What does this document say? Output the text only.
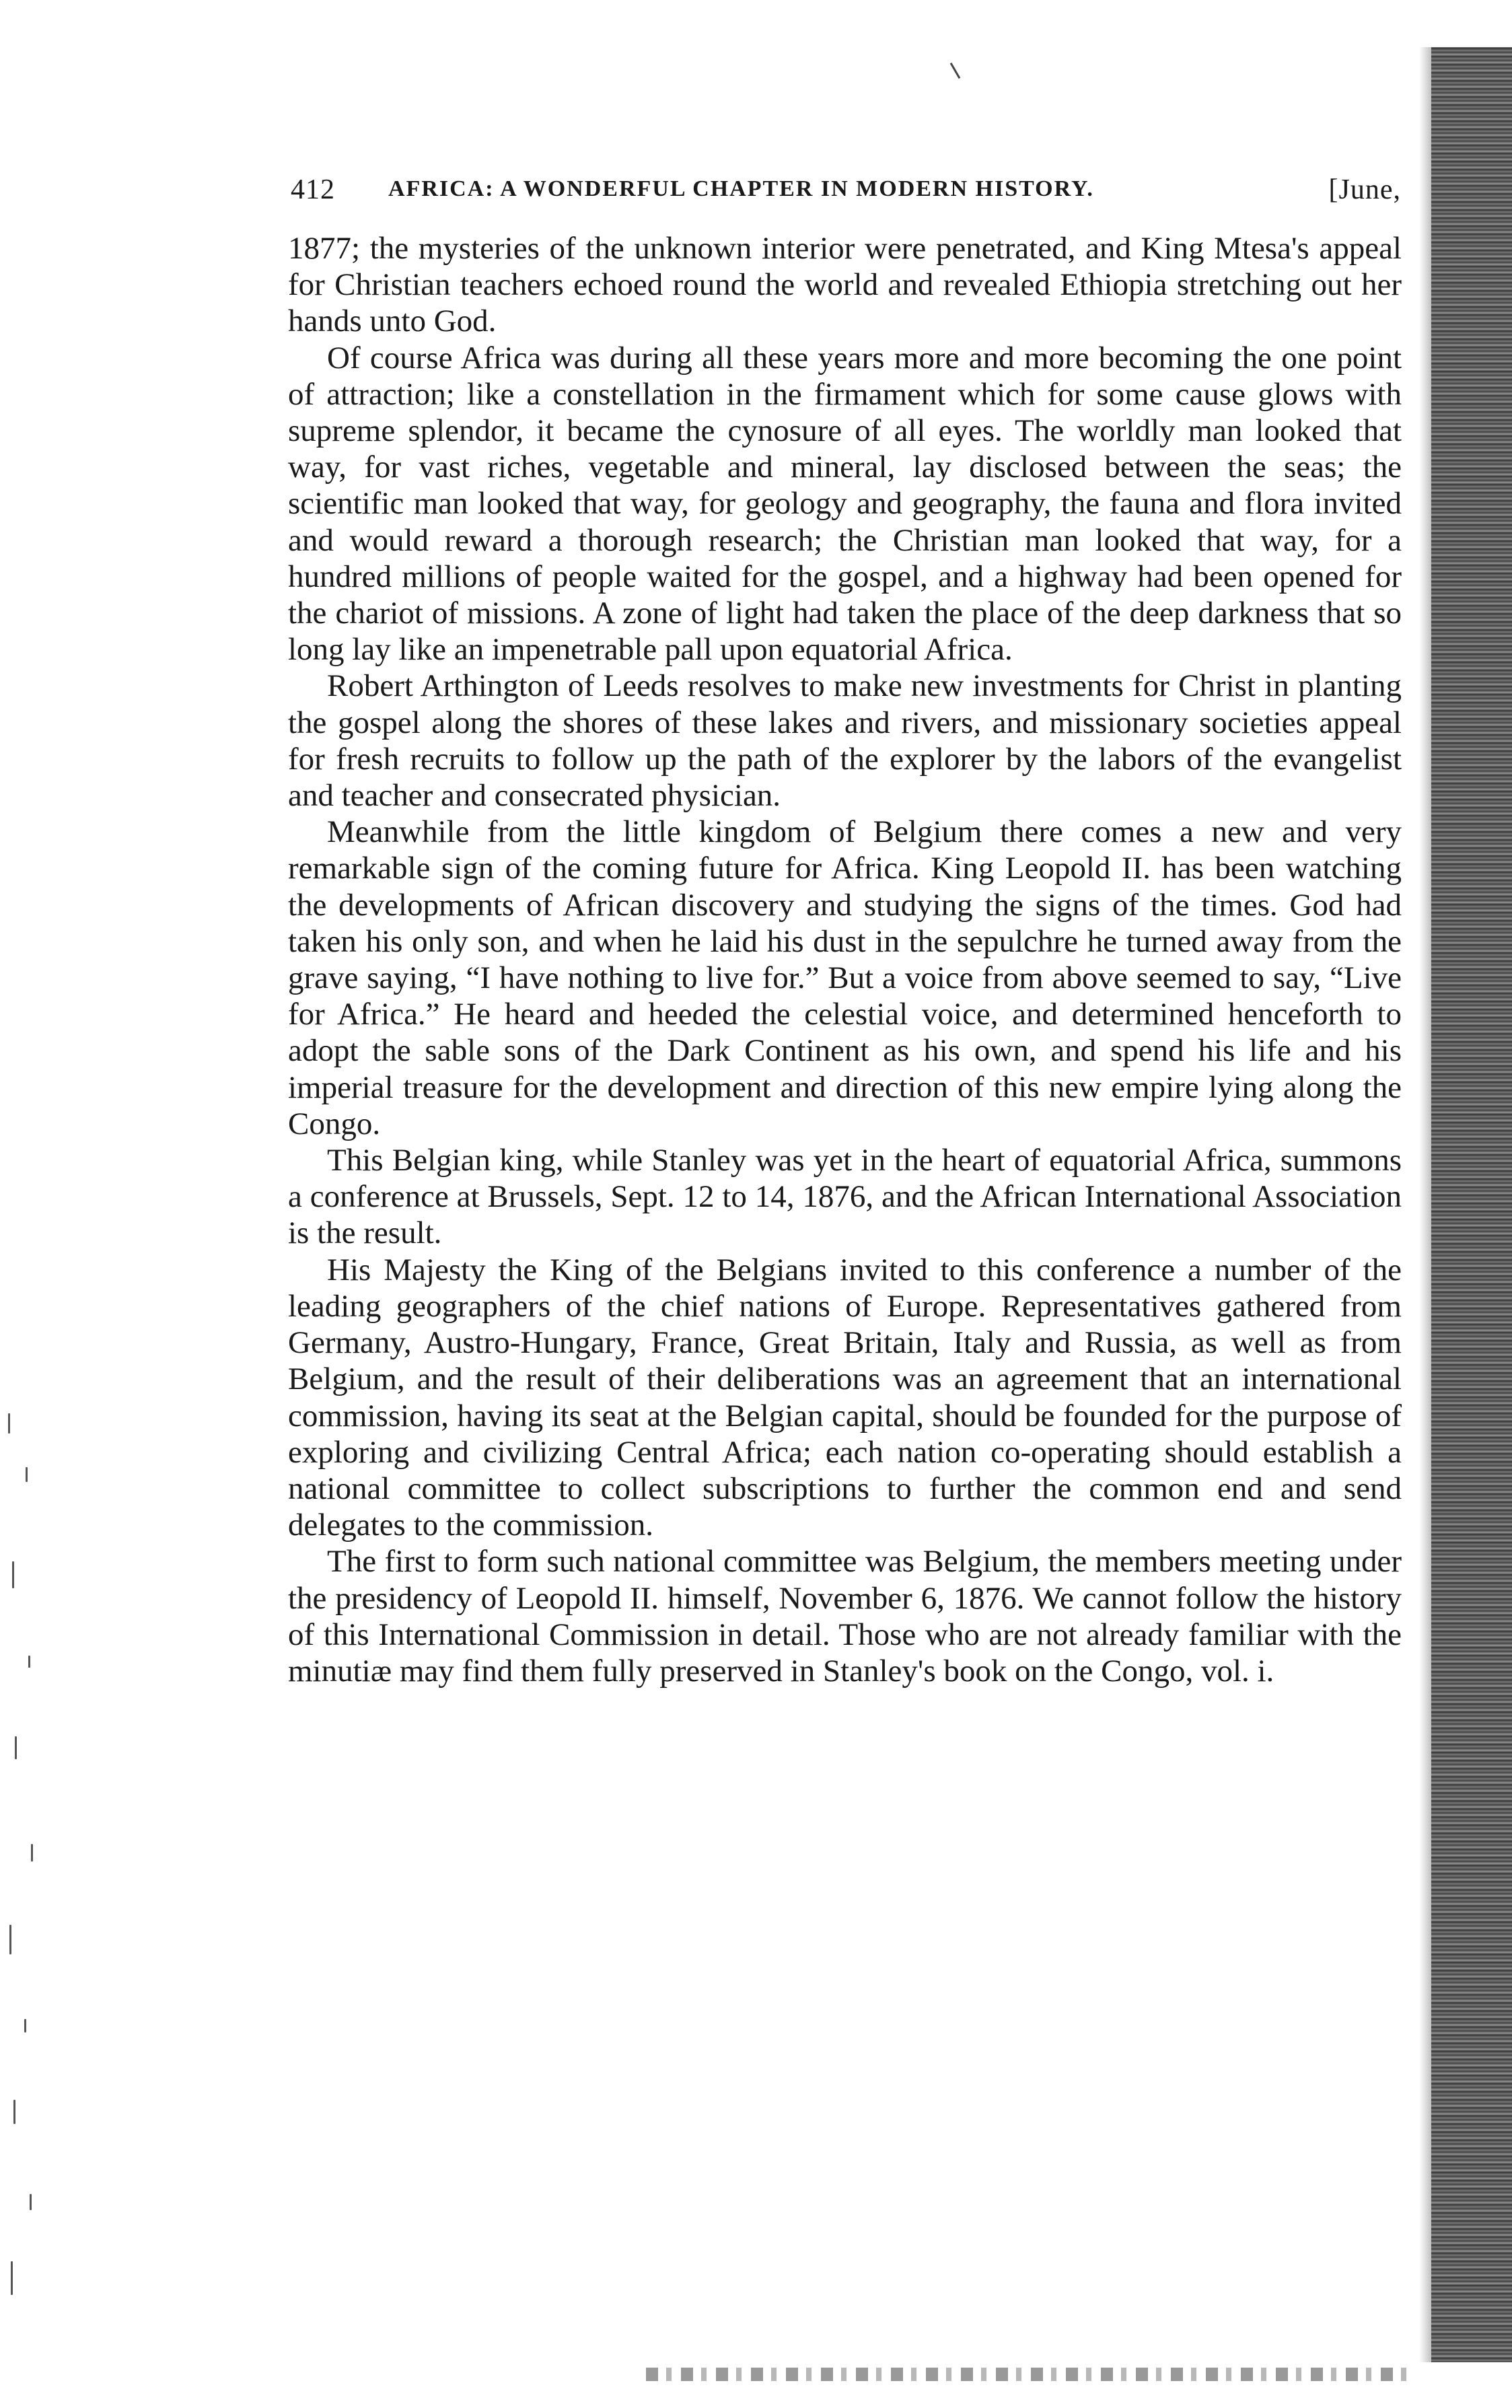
412 AFRICA: A WONDERFUL CHAPTER IN MODERN HISTORY.	[June,

1877; the mysteries of the unknown interior were penetrated, and King Mtesa's appeal for Christian teachers echoed round the world and revealed Ethiopia stretching out her hands unto God.

Of course Africa was during all these years more and more becoming the one point of attraction; like a constellation in the firmament which for some cause glows with supreme splendor, it became the cynosure of all eyes. The worldly man looked that way, for vast riches, vegetable and mineral, lay disclosed between the seas; the scientific man looked that way, for geology and geography, the fauna and flora invited and would reward a thorough research; the Christian man looked that way, for a hundred millions of people waited for the gospel, and a highway had been opened for the chariot of missions. A zone of light had taken the place of the deep darkness that so long lay like an impenetrable pall upon equatorial Africa.

Robert Arthington of Leeds resolves to make new investments for Christ in planting the gospel along the shores of these lakes and rivers, and missionary societies appeal for fresh recruits to follow up the path of the explorer by the labors of the evangelist and teacher and consecrated physician.

Meanwhile from the little kingdom of Belgium there comes a new and very remarkable sign of the coming future for Africa. King Leopold II. has been watching the developments of African discovery and studying the signs of the times. God had taken his only son, and when he laid his dust in the sepulchre he turned away from the grave saying, “I have nothing to live for.” But a voice from above seemed to say, “Live for Africa.” He heard and heeded the celestial voice, and determined henceforth to adopt the sable sons of the Dark Continent as his own, and spend his life and his imperial treasure for the development and direction of this new empire lying along the Congo.

This Belgian king, while Stanley was yet in the heart of equatorial Africa, summons a conference at Brussels, Sept. 12 to 14, 1876, and the African International Association is the result.

His Majesty the King of the Belgians invited to this conference a number of the leading geographers of the chief nations of Europe. Representatives gathered from Germany, Austro-Hungary, France, Great Britain, Italy and Russia, as well as from Belgium, and the result of their deliberations was an agreement that an international commission, having its seat at the Belgian capital, should be founded for the purpose of exploring and civilizing Central Africa; each nation co-operating should establish a national committee to collect subscriptions to further the common end and send delegates to the commission.

The first to form such national committee was Belgium, the members meeting under the presidency of Leopold II. himself, November 6, 1876. We cannot follow the history of this International Commission in detail. Those who are not already familiar with the minutiæ may find them fully preserved in Stanley's book on the Congo, vol. i.
